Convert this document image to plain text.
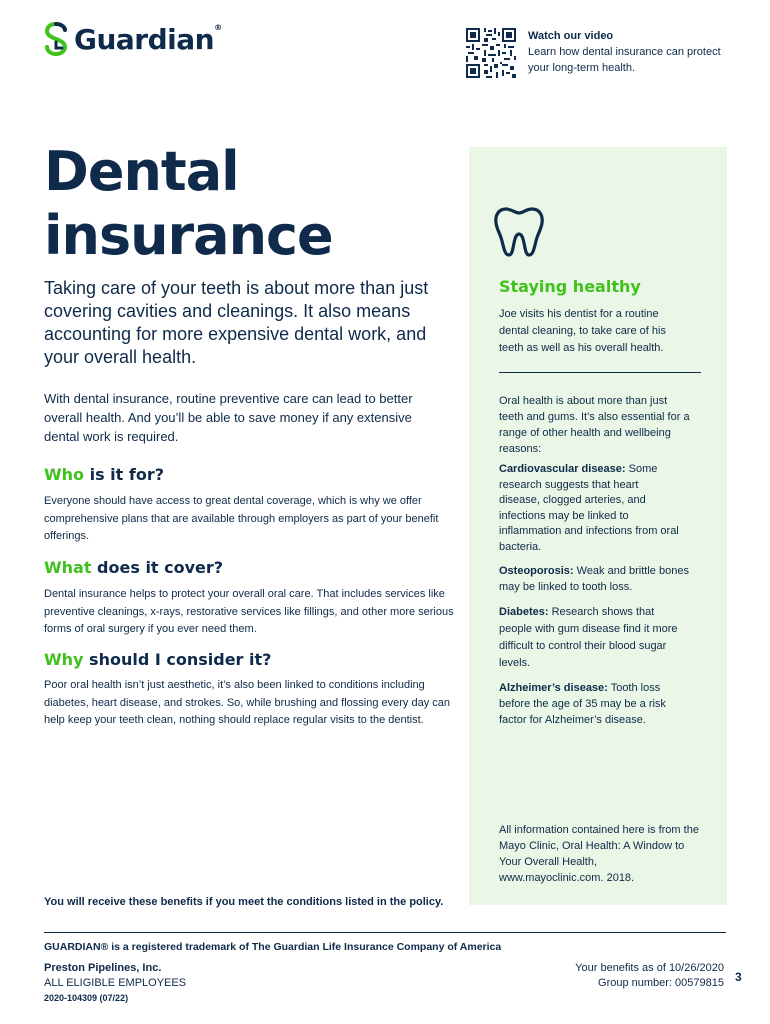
Guardian®
Watch our video
Learn how dental insurance can protect your long-term health.
Dental
insurance
Taking care of your teeth is about more than just covering cavities and cleanings. It also means accounting for more expensive dental work, and your overall health.
With dental insurance, routine preventive care can lead to better overall health. And you’ll be able to save money if any extensive dental work is required.
Who is it for?
Everyone should have access to great dental coverage, which is why we offer comprehensive plans that are available through employers as part of your benefit offerings.
What does it cover?
Dental insurance helps to protect your overall oral care. That includes services like preventive cleanings, x-rays, restorative services like fillings, and other more serious forms of oral surgery if you ever need them.
Why should I consider it?
Poor oral health isn’t just aesthetic, it’s also been linked to conditions including diabetes, heart disease, and strokes. So, while brushing and flossing every day can help keep your teeth clean, nothing should replace regular visits to the dentist.
Staying healthy
Joe visits his dentist for a routine dental cleaning, to take care of his teeth as well as his overall health.
Oral health is about more than just teeth and gums. It’s also essential for a range of other health and wellbeing reasons:
Cardiovascular disease: Some research suggests that heart disease, clogged arteries, and infections may be linked to inflammation and infections from oral bacteria.
Osteoporosis: Weak and brittle bones may be linked to tooth loss.
Diabetes: Research shows that people with gum disease find it more difficult to control their blood sugar levels.
Alzheimer’s disease: Tooth loss before the age of 35 may be a risk factor for Alzheimer’s disease.
All information contained here is from the Mayo Clinic, Oral Health: A Window to Your Overall Health, www.mayoclinic.com. 2018.
You will receive these benefits if you meet the conditions listed in the policy.
GUARDIAN® is a registered trademark of The Guardian Life Insurance Company of America
Preston Pipelines, Inc.
ALL ELIGIBLE EMPLOYEES
2020-104309 (07/22)
Your benefits as of 10/26/2020
Group number: 00579815 3
